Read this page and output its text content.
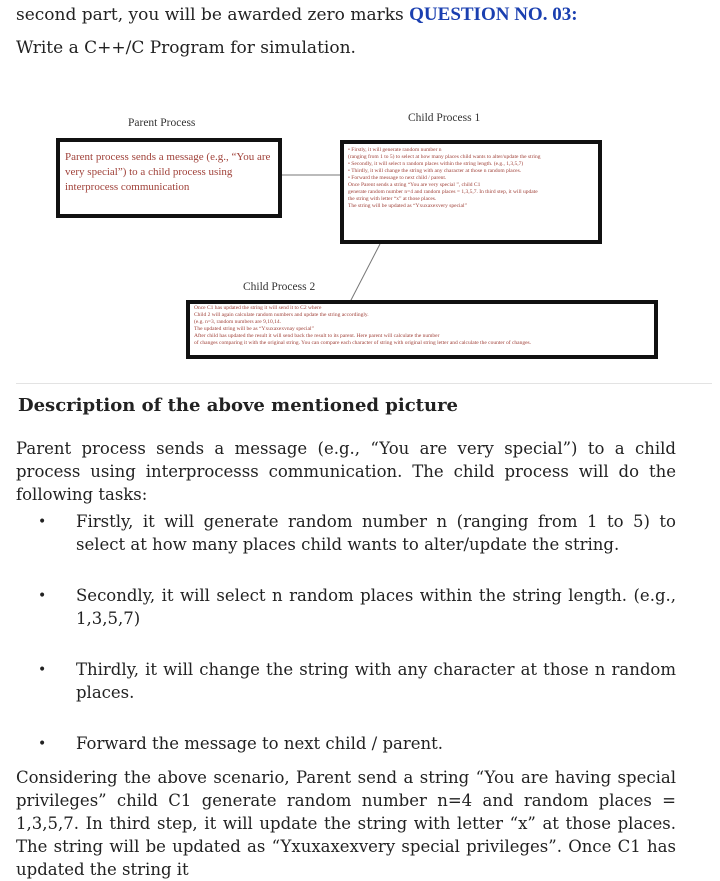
second part, you will be awarded zero marks QUESTION NO. 03:
Write a C++/C Program for simulation.
Parent Process	Child Process 1
Parent process sends a message (e.g., “You are very special”) to a child process using interprocess communication
• Firstly, it will generate random number n
(ranging from 1 to 5) to select at how many places child wants to alter/update the string
• Secondly, it will select n random places within the string length. (e.g., 1,3,5,7)
• Thirdly, it will change the string with any character at those n random places.
• Forward the message to next child / parent.
Once Parent sends a string “You are very special ”, child C1
generate random number n=4 and random places = 1,3,5,7. In third step, it will update
the string with letter “x” at those places.
The string will be updated as “Yxuxaxexvery special”
Child Process 2
Once C1 has updated the string it will send it to C2 where
Child 2 will again calculate random numbers and update the string accordingly.
(e.g. n=3, random numbers are 9,10,14.
The updated string will be as “Yxuxaxexvnay special”
After child has updated the result it will send back the result to its parent. Here parent will calculate the number
of changes comparing it with the original string. You can compare each character of string with original string letter and calculate the counter of changes.
Description of the above mentioned picture
Parent process sends a message (e.g., “You are very special”) to a child process using interprocesss communication. The child process will do the following tasks:
• Firstly, it will generate random number n (ranging from 1 to 5) to select at how many places child wants to alter/update the string.
• Secondly, it will select n random places within the string length. (e.g., 1,3,5,7)
• Thirdly, it will change the string with any character at those n random places.
• Forward the message to next child / parent.
Considering the above scenario, Parent send a string “You are having special privileges” child C1 generate random number n=4 and random places = 1,3,5,7. In third step, it will update the string with letter “x” at those places. The string will be updated as “Yxuxaxexvery special privileges”. Once C1 has updated the string it
